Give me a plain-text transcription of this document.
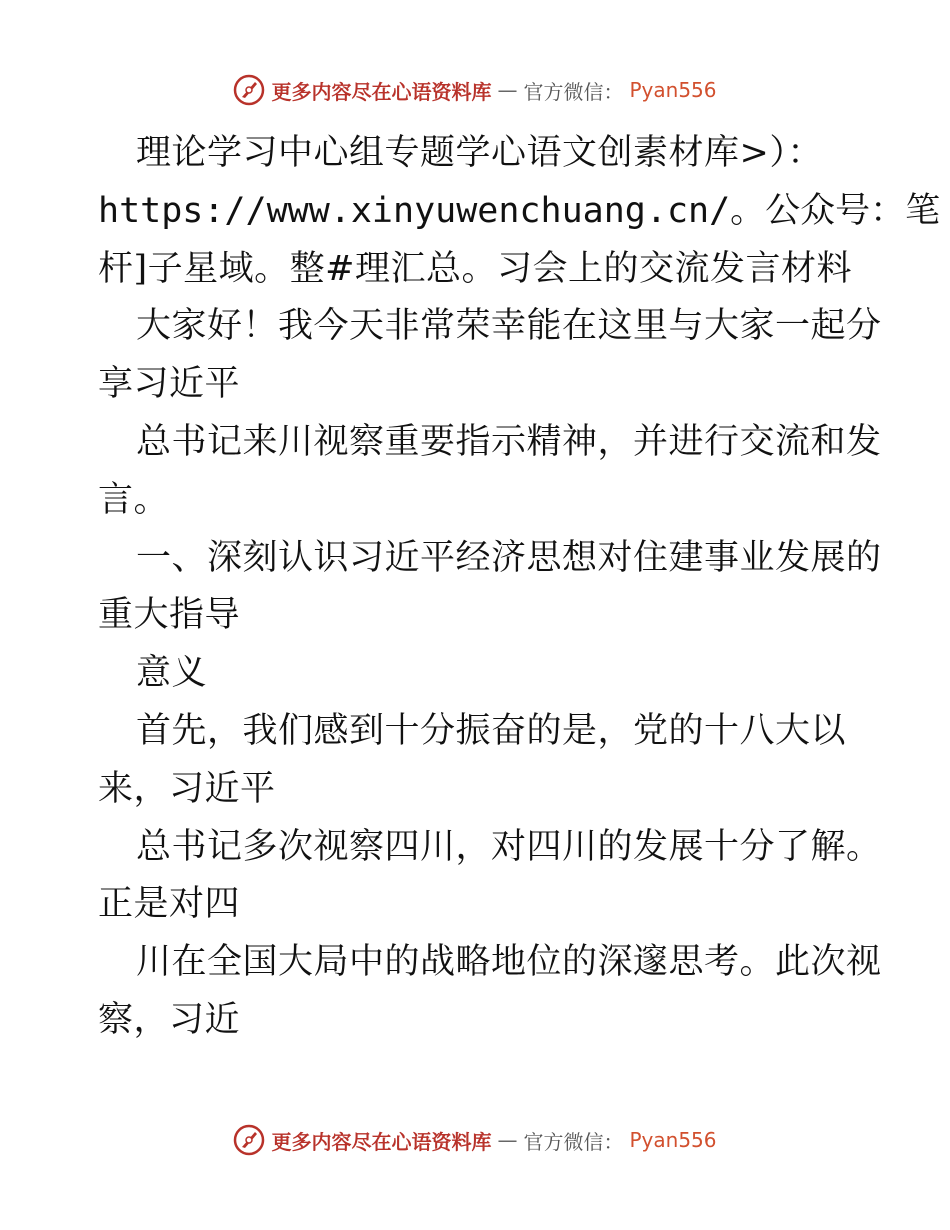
更多内容尽在心语资料库 — 官方微信： Pyan556
理论学习中心组专题学心语文创素材库>）：
https://www.xinyuwenchuang.cn/。公众号：笔
杆]子星域。整#理汇总。习会上的交流发言材料
大家好！我今天非常荣幸能在这里与大家一起分
享习近平
总书记来川视察重要指示精神，并进行交流和发
言。
一、深刻认识习近平经济思想对住建事业发展的
重大指导
意义
首先，我们感到十分振奋的是，党的十八大以
来，习近平
总书记多次视察四川，对四川的发展十分了解。
正是对四
川在全国大局中的战略地位的深邃思考。此次视
察，习近
更多内容尽在心语资料库 — 官方微信： Pyan556
